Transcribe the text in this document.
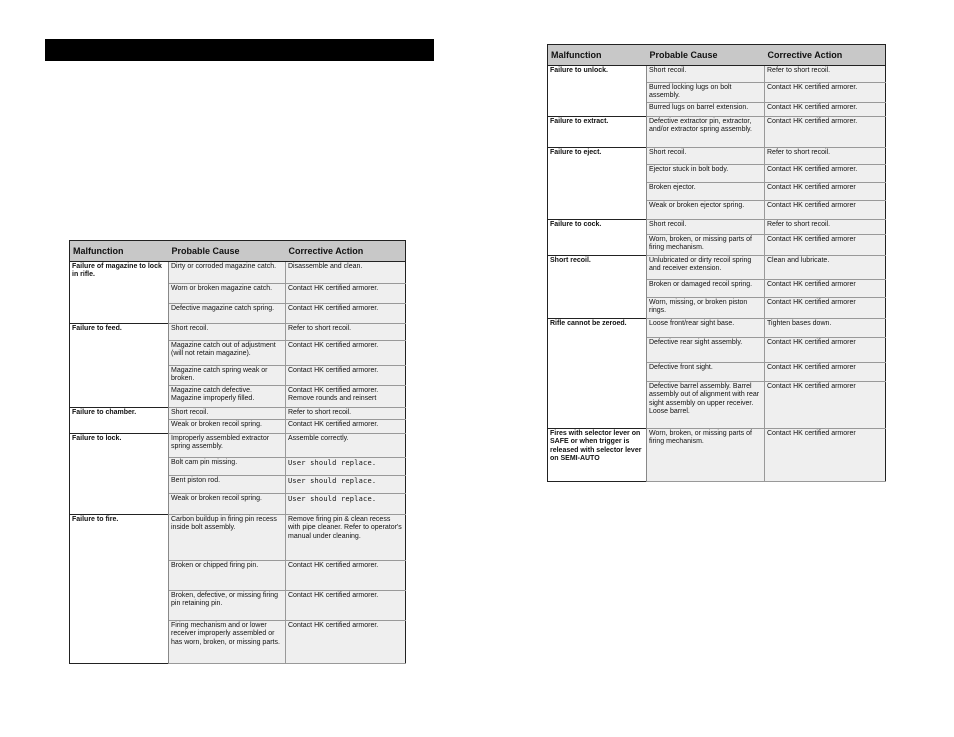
Malfunction	Probable Cause	Corrective Action
Failure of magazine to lock in rifle.	Dirty or corroded magazine catch.	Disassemble and clean.
	Worn or broken magazine catch.	Contact HK certified armorer.
	Defective magazine catch spring.	Contact HK certified armorer.
Failure to feed.	Short recoil.	Refer to short recoil.
	Magazine catch out of adjustment (will not retain magazine).	Contact HK certified armorer.
	Magazine catch spring weak or broken.	Contact HK certified armorer.
	Magazine catch defective. Magazine improperly filled.	Contact HK certified armorer. Remove rounds and reinsert
Failure to chamber.	Short recoil.	Refer to short recoil.
	Weak or broken recoil spring.	Contact HK certified armorer.
Failure to lock.	Improperly assembled extractor spring assembly.	Assemble correctly.
	Bolt cam pin missing.	User should replace.
	Bent piston rod.	User should replace.
	Weak or broken recoil spring.	User should replace.
Failure to fire.	Carbon buildup in firing pin recess inside bolt assembly.	Remove firing pin & clean recess with pipe cleaner. Refer to operator's manual under cleaning.
	Broken or chipped firing pin.	Contact HK certified armorer.
	Broken, defective, or missing firing pin retaining pin.	Contact HK certified armorer.
	Firing mechanism and or lower receiver improperly assembled or has worn, broken, or missing parts.	Contact HK certified armorer.
Malfunction	Probable Cause	Corrective Action
Failure to unlock.	Short recoil.	Refer to short recoil.
	Burred locking lugs on bolt assembly.	Contact HK certified armorer.
	Burred lugs on barrel extension.	Contact HK certified armorer.
Failure to extract.	Defective extractor pin, extractor, and/or extractor spring assembly.	Contact HK certified armorer.
Failure to eject.	Short recoil.	Refer to short recoil.
	Ejector stuck in bolt body.	Contact HK certified armorer.
	Broken ejector.	Contact HK certified armorer
	Weak or broken ejector spring.	Contact HK certified armorer
Failure to cock.	Short recoil.	Refer to short recoil.
	Worn, broken, or missing parts of firing mechanism.	Contact HK certified armorer
Short recoil.	Unlubricated or dirty recoil spring and receiver extension.	Clean and lubricate.
	Broken or damaged recoil spring.	Contact HK certified armorer
	Worn, missing, or broken piston rings.	Contact HK certified armorer
Rifle cannot be zeroed.	Loose front/rear sight base.	Tighten bases down.
	Defective rear sight assembly.	Contact HK certified armorer
	Defective front sight.	Contact HK certified armorer
	Defective barrel assembly. Barrel assembly out of alignment with rear sight assembly on upper receiver. Loose barrel.	Contact HK certified armorer
Fires with selector lever on SAFE or when trigger is released with selector lever on SEMI-AUTO	Worn, broken, or missing parts of firing mechanism.	Contact HK certified armorer
